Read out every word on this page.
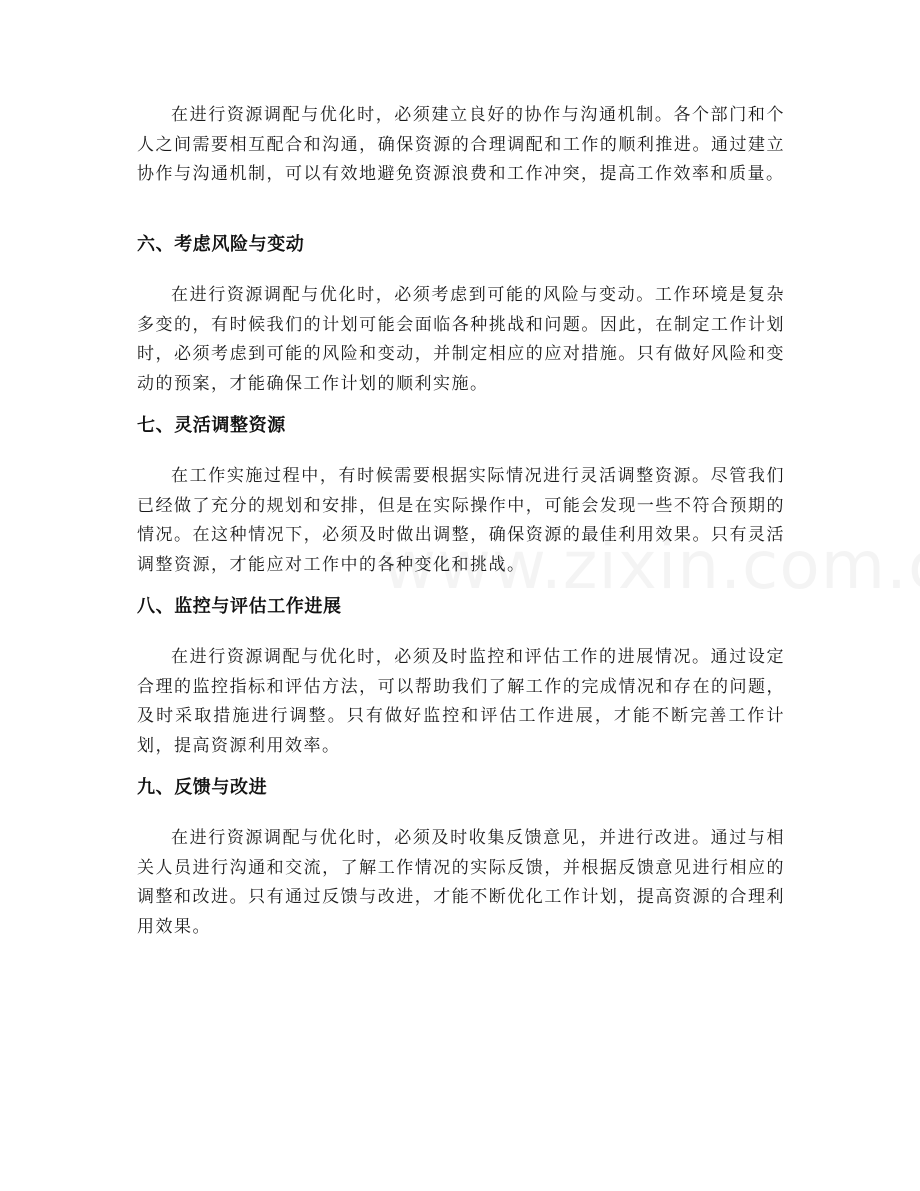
在进行资源调配与优化时，必须建立良好的协作与沟通机制。各个部门和个人之间需要相互配合和沟通，确保资源的合理调配和工作的顺利推进。通过建立协作与沟通机制，可以有效地避免资源浪费和工作冲突，提高工作效率和质量。

六、考虑风险与变动

在进行资源调配与优化时，必须考虑到可能的风险与变动。工作环境是复杂多变的，有时候我们的计划可能会面临各种挑战和问题。因此，在制定工作计划时，必须考虑到可能的风险和变动，并制定相应的应对措施。只有做好风险和变动的预案，才能确保工作计划的顺利实施。

七、灵活调整资源

在工作实施过程中，有时候需要根据实际情况进行灵活调整资源。尽管我们已经做了充分的规划和安排，但是在实际操作中，可能会发现一些不符合预期的情况。在这种情况下，必须及时做出调整，确保资源的最佳利用效果。只有灵活调整资源，才能应对工作中的各种变化和挑战。

八、监控与评估工作进展

在进行资源调配与优化时，必须及时监控和评估工作的进展情况。通过设定合理的监控指标和评估方法，可以帮助我们了解工作的完成情况和存在的问题，及时采取措施进行调整。只有做好监控和评估工作进展，才能不断完善工作计划，提高资源利用效率。

九、反馈与改进

在进行资源调配与优化时，必须及时收集反馈意见，并进行改进。通过与相关人员进行沟通和交流，了解工作情况的实际反馈，并根据反馈意见进行相应的调整和改进。只有通过反馈与改进，才能不断优化工作计划，提高资源的合理利用效果。
